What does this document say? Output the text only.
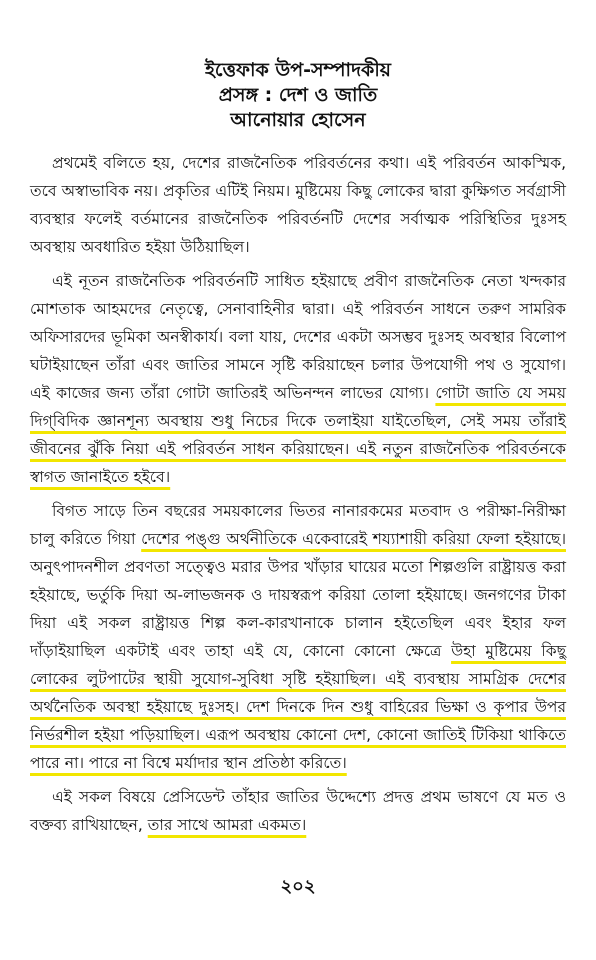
ইত্তেফাক উপ-সম্পাদকীয়
প্রসঙ্গ : দেশ ও জাতি
আনোয়ার হোসেন

প্রথমেই বলিতে হয়, দেশের রাজনৈতিক পরিবর্তনের কথা। এই পরিবর্তন আকস্মিক, তবে অস্বাভাবিক নয়। প্রকৃতির এটিই নিয়ম। মুষ্টিমেয় কিছু লোকের দ্বারা কুক্ষিগত সর্বগ্রাসী ব্যবস্থার ফলেই বর্তমানের রাজনৈতিক পরিবর্তনটি দেশের সর্বাত্মক পরিস্থিতির দুঃসহ অবস্থায় অবধারিত হইয়া উঠিয়াছিল।

এই নূতন রাজনৈতিক পরিবর্তনটি সাধিত হইয়াছে প্রবীণ রাজনৈতিক নেতা খন্দকার মোশতাক আহমদের নেতৃত্বে, সেনাবাহিনীর দ্বারা। এই পরিবর্তন সাধনে তরুণ সামরিক অফিসারদের ভূমিকা অনস্বীকার্য। বলা যায়, দেশের একটা অসম্ভব দুঃসহ অবস্থার বিলোপ ঘটাইয়াছেন তাঁরা এবং জাতির সামনে সৃষ্টি করিয়াছেন চলার উপযোগী পথ ও সুযোগ। এই কাজের জন্য তাঁরা গোটা জাতিরই অভিনন্দন লাভের যোগ্য। গোটা জাতি যে সময় দিগ্‌বিদিক জ্ঞানশূন্য অবস্থায় শুধু নিচের দিকে তলাইয়া যাইতেছিল, সেই সময় তাঁরাই জীবনের ঝুঁকি নিয়া এই পরিবর্তন সাধন করিয়াছেন। এই নতুন রাজনৈতিক পরিবর্তনকে স্বাগত জানাইতে হইবে।

বিগত সাড়ে তিন বছরের সময়কালের ভিতর নানা‍‍রকমের মতবাদ ও পরীক্ষা-নিরীক্ষা চালু করিতে গিয়া দেশের পঙ্গু অর্থনীতিকে একেবারেই শয্যাশায়ী করিয়া ফেলা হইয়াছে। অনুৎপাদনশীল প্রবণতা সত্ত্বেও মরার উপর খাঁড়ার ঘায়ের মতো শিল্পগুলি রাষ্ট্রায়ত্ত করা হইয়াছে, ভর্তুকি দিয়া অ-লাভজনক ও দায়স্বরূপ করিয়া তোলা হইয়াছে। জনগণের টাকা দিয়া এই সকল রাষ্ট্রায়ত্ত শিল্প কল-কারখানাকে চালান হইতেছিল এবং ইহার ফল দাঁড়াইয়াছিল একটাই এবং তাহা এই যে, কোনো কোনো ক্ষেত্রে উহা মুষ্টিমেয় কিছু লোকের লুটপাটের স্থায়ী সুযোগ-সুবিধা সৃষ্টি হইয়াছিল। এই ব্যবস্থায় সামগ্রিক দেশের অর্থনৈতিক অবস্থা হইয়াছে দুঃসহ। দেশ দিনকে দিন শুধু বাহিরের ভিক্ষা ও কৃপার উপর নির্ভরশীল হইয়া পড়িয়াছিল। এরূপ অবস্থায় কোনো দেশ, কোনো জাতিই টিকিয়া থাকিতে পারে না। পারে না বিশ্বে মর্যাদার স্থান প্রতিষ্ঠা করিতে।

এই সকল বিষয়ে প্রেসিডেন্ট তাঁহার জাতির উদ্দেশ্যে প্রদত্ত প্রথম ভাষণে যে মত ও বক্তব্য রাখিয়াছেন, তার সাথে আমরা একমত।

২০২
